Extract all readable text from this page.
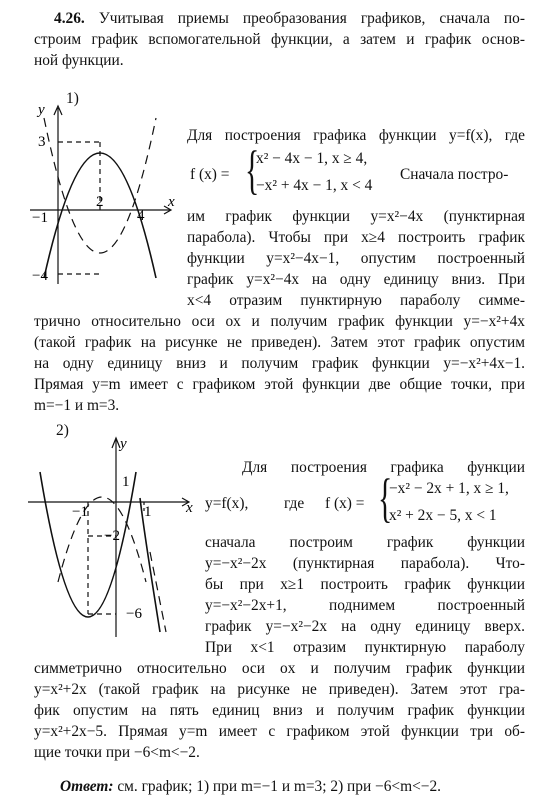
4.26. Учитывая приемы преобразования графиков, сначала по-
строим график вспомогательной функции, а затем и график основ-
ной функции.
1)
y
x
3
−1
2
4
−4
Для построения графика функции y=f(x), где
f (x) = {
x² − 4x − 1, x ≥ 4,
−x² + 4x − 1, x < 4
Сначала постро-
им график функции y=x²−4x (пунктирная
парабола). Чтобы при x≥4 построить график
функции y=x²−4x−1, опустим построенный
график y=x²−4x на одну единицу вниз. При
x<4 отразим пунктирную параболу симме-
трично относительно оси ox и получим график функции y=−x²+4x
(такой график на рисунке не приведен). Затем этот график опустим
на одну единицу вниз и получим график функции y=−x²+4x−1.
Прямая y=m имеет с графиком этой функции две общие точки, при
m=−1 и m=3.
2)
y
x
1
−1	1
−2
−6
Для построения графика функции
y=f(x), где f (x) = {
−x² − 2x + 1, x ≥ 1,
x² + 2x − 5, x < 1
сначала построим график функции
y=−x²−2x (пунктирная парабола). Что-
бы при x≥1 построить график функции
y=−x²−2x+1, поднимем построенный
график y=−x²−2x на одну единицу вверх.
При x<1 отразим пунктирную параболу
симметрично относительно оси ox и получим график функции
y=x²+2x (такой график на рисунке не приведен). Затем этот гра-
фик опустим на пять единиц вниз и получим график функции
y=x²+2x−5. Прямая y=m имеет с графиком этой функции три об-
щие точки при −6<m<−2.
Ответ: см. график; 1) при m=−1 и m=3; 2) при −6<m<−2.
